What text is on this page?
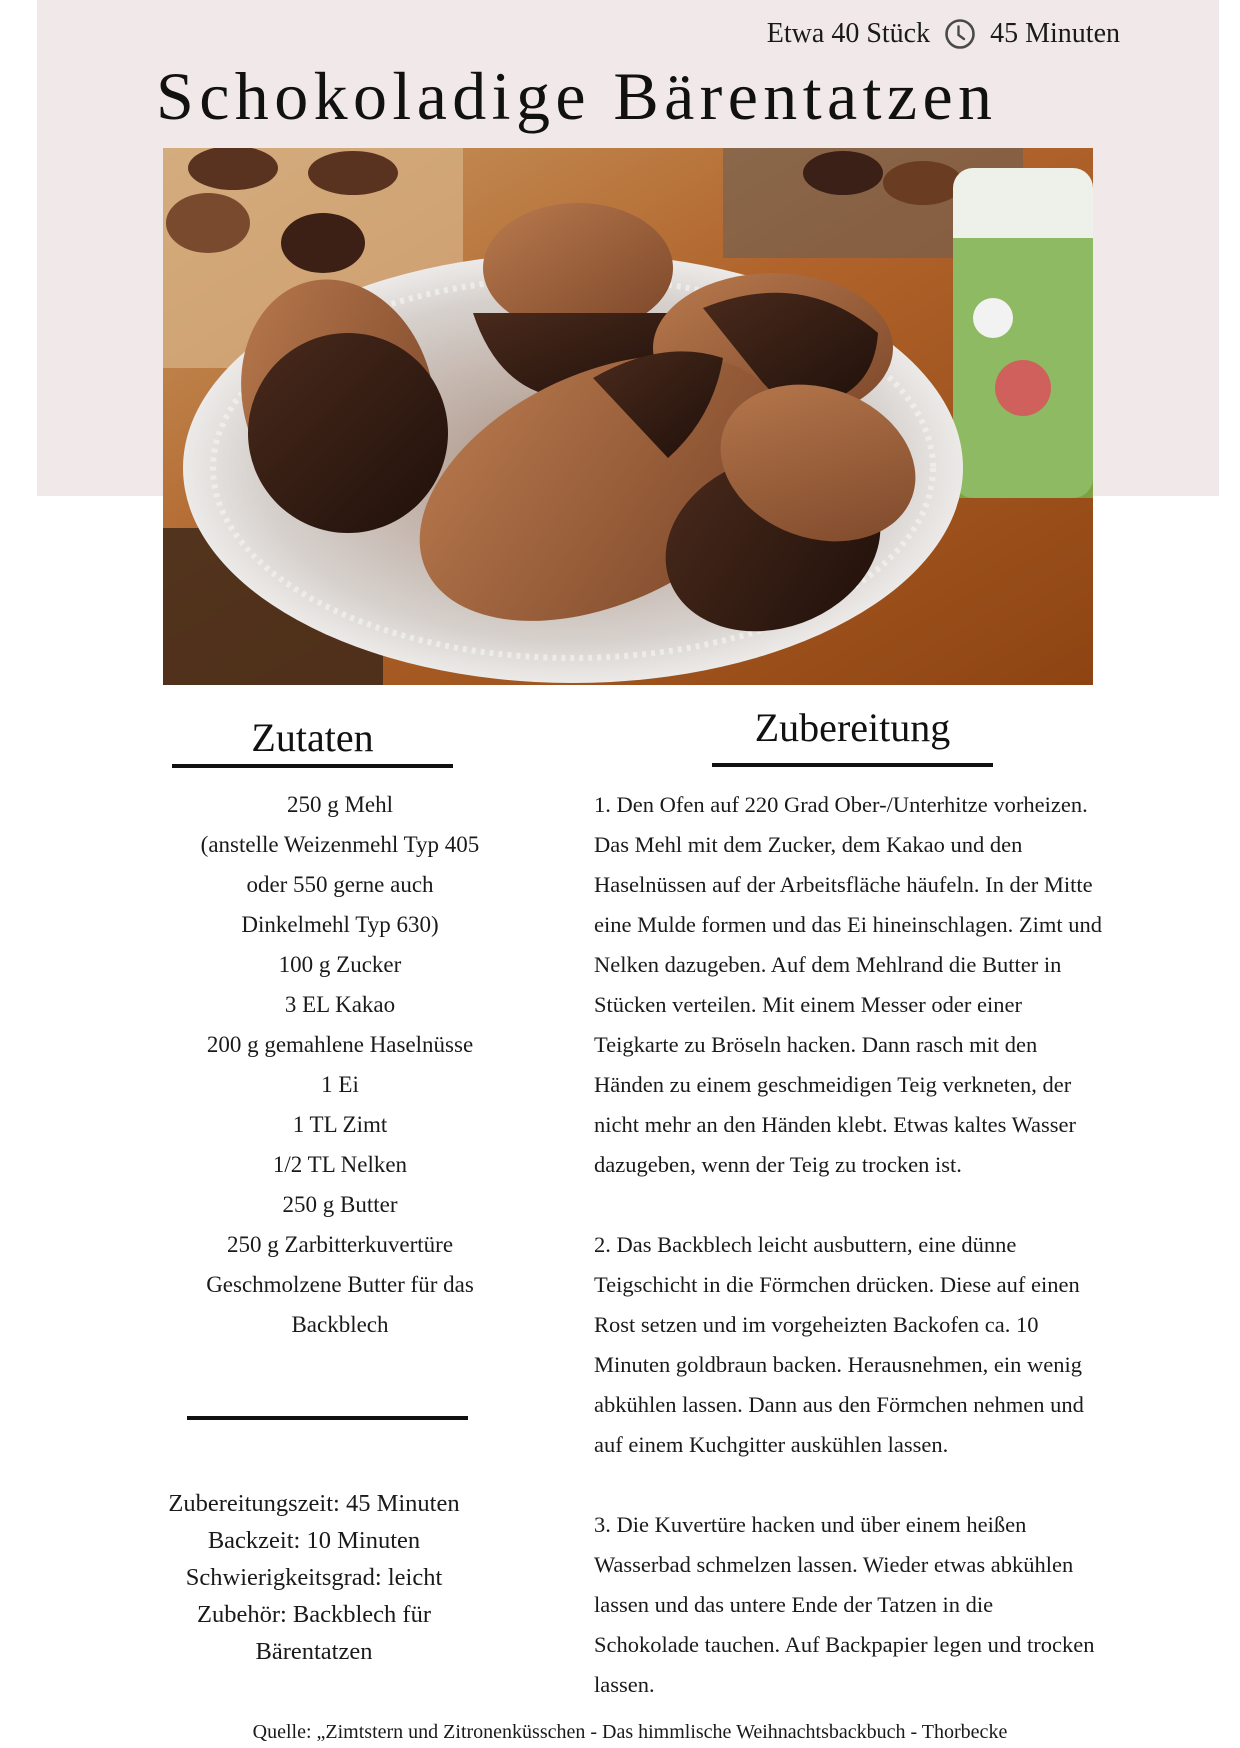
Etwa 40 Stück 45 Minuten
Schokoladige Bärentatzen
Zutaten	Zubereitung
250 g Mehl
(anstelle Weizenmehl Typ 405
oder 550 gerne auch
Dinkelmehl Typ 630)
100 g Zucker
3 EL Kakao
200 g gemahlene Haselnüsse
1 Ei
1 TL Zimt
1/2 TL Nelken
250 g Butter
250 g Zarbitterkuvertüre
Geschmolzene Butter für das
Backblech
Zubereitungszeit: 45 Minuten
Backzeit: 10 Minuten
Schwierigkeitsgrad: leicht
Zubehör: Backblech für
Bärentatzen

1. Den Ofen auf 220 Grad Ober-/Unterhitze vorheizen.
Das Mehl mit dem Zucker, dem Kakao und den
Haselnüssen auf der Arbeitsfläche häufeln. In der Mitte
eine Mulde formen und das Ei hineinschlagen. Zimt und
Nelken dazugeben. Auf dem Mehlrand die Butter in
Stücken verteilen. Mit einem Messer oder einer
Teigkarte zu Bröseln hacken. Dann rasch mit den
Händen zu einem geschmeidigen Teig verkneten, der
nicht mehr an den Händen klebt. Etwas kaltes Wasser
dazugeben, wenn der Teig zu trocken ist.

2. Das Backblech leicht ausbuttern, eine dünne
Teigschicht in die Förmchen drücken. Diese auf einen
Rost setzen und im vorgeheizten Backofen ca. 10
Minuten goldbraun backen. Herausnehmen, ein wenig
abkühlen lassen. Dann aus den Förmchen nehmen und
auf einem Kuchgitter auskühlen lassen.

3. Die Kuvertüre hacken und über einem heißen
Wasserbad schmelzen lassen. Wieder etwas abkühlen
lassen und das untere Ende der Tatzen in die
Schokolade tauchen. Auf Backpapier legen und trocken
lassen.

Quelle: „Zimtstern und Zitronenküsschen - Das himmlische Weihnachtsbackbuch - Thorbecke
